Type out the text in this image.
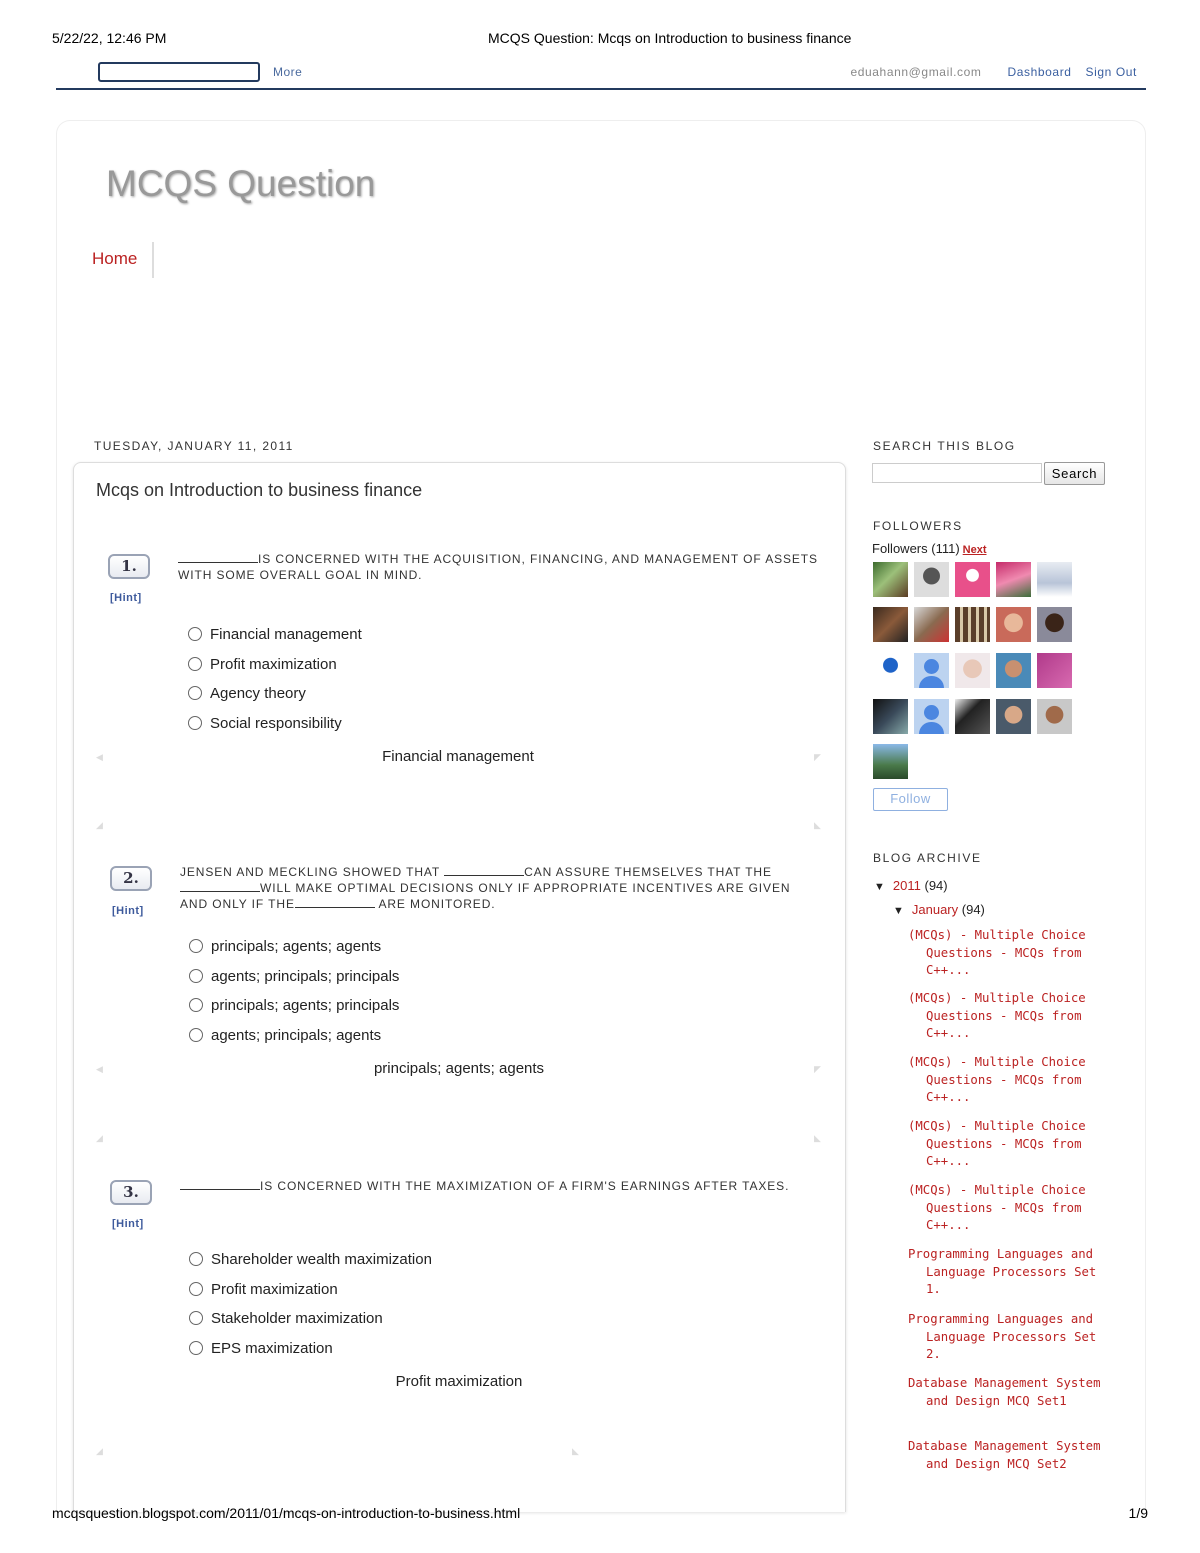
5/22/22, 12:46 PM	MCQS Question: Mcqs on Introduction to business finance
More	eduahann@gmail.com Dashboard Sign Out
MCQS Question
Home
TUESDAY, JANUARY 11, 2011
Mcqs on Introduction to business finance
1.
[Hint]
IS CONCERNED WITH THE ACQUISITION, FINANCING, AND MANAGEMENT OF ASSETS WITH SOME OVERALL GOAL IN MIND.
Financial management
Profit maximization
Agency theory
Social responsibility
Financial management
◀	◤
◢	◣
2.
[Hint]
JENSEN AND MECKLING SHOWED THAT	CAN ASSURE THEMSELVES THAT THE
WILL MAKE OPTIMAL DECISIONS ONLY IF APPROPRIATE INCENTIVES ARE GIVEN AND ONLY IF THE	ARE MONITORED.
principals; agents; agents
agents; principals; principals
principals; agents; principals
agents; principals; agents
principals; agents; agents
◀	◤
◢	◣
3.
[Hint]
IS CONCERNED WITH THE MAXIMIZATION OF A FIRM'S EARNINGS AFTER TAXES.
Shareholder wealth maximization
Profit maximization
Stakeholder maximization
EPS maximization
Profit maximization
◢	◣
SEARCH THIS BLOG
Search
FOLLOWERS
Followers (111) Next
Follow
BLOG ARCHIVE
▼ 2011 (94)
▼ January (94)
(MCQs) - Multiple Choice Questions - MCQs from C++...
(MCQs) - Multiple Choice Questions - MCQs from C++...
(MCQs) - Multiple Choice Questions - MCQs from C++...
(MCQs) - Multiple Choice Questions - MCQs from C++...
(MCQs) - Multiple Choice Questions - MCQs from C++...
Programming Languages and Language Processors Set 1.
Programming Languages and Language Processors Set 2.
Database Management System and Design MCQ Set1
Database Management System and Design MCQ Set2
mcqsquestion.blogspot.com/2011/01/mcqs-on-introduction-to-business.html	1/9
